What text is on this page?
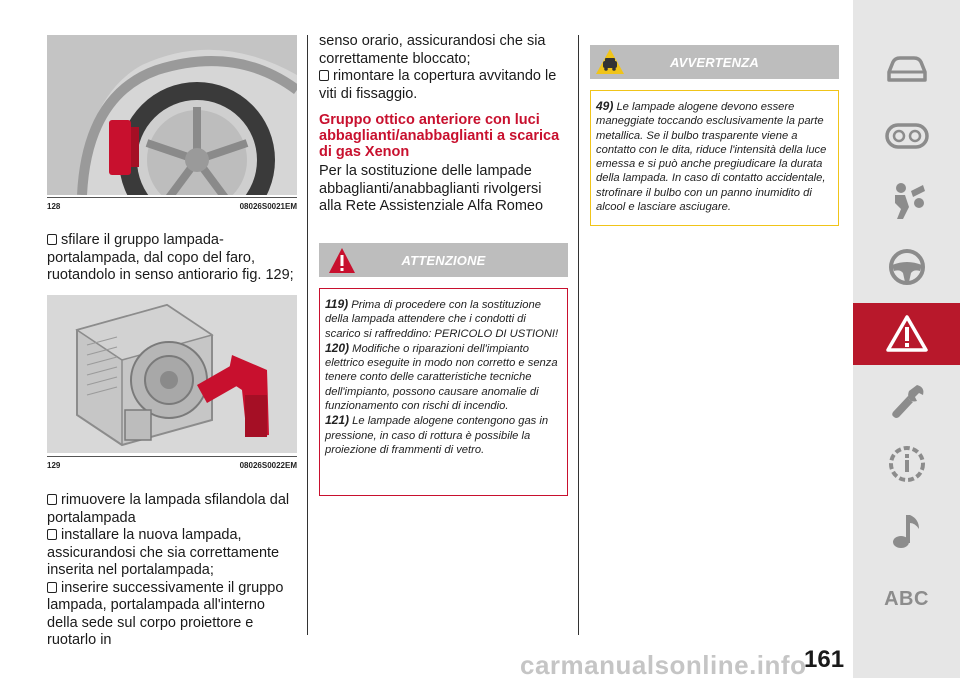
128	08026S0021EM

sfilare il gruppo lampada-portalampada, dal copo del faro, ruotandolo in senso antiorario fig. 129;

129	08026S0022EM

rimuovere la lampada sfilandola dal portalampada

installare la nuova lampada, assicurandosi che sia correttamente inserita nel portalampada;

inserire successivamente il gruppo lampada, portalampada all'interno della sede sul corpo proiettore e ruotarlo in

senso orario, assicurandosi che sia correttamente bloccato;

rimontare la copertura avvitando le viti di fissaggio.

Gruppo ottico anteriore con luci abbaglianti/anabbaglianti a scarica di gas Xenon
Per la sostituzione delle lampade abbaglianti/anabbaglianti rivolgersi alla Rete Assistenziale Alfa Romeo
ATTENZIONE
119) Prima di procedere con la sostituzione della lampada attendere che i condotti di scarico si raffreddino: PERICOLO DI USTIONI!
120) Modifiche o riparazioni dell'impianto elettrico eseguite in modo non corretto e senza tenere conto delle caratteristiche tecniche dell'impianto, possono causare anomalie di funzionamento con rischi di incendio.
121) Le lampade alogene contengono gas in pressione, in caso di rottura è possibile la proiezione di frammenti di vetro.
AVVERTENZA
49) Le lampade alogene devono essere maneggiate toccando esclusivamente la parte metallica. Se il bulbo trasparente viene a contatto con le dita, riduce l'intensità della luce emessa e si può anche pregiudicare la durata della lampada. In caso di contatto accidentale, strofinare il bulbo con un panno inumidito di alcool e lasciare asciugare.
ABC
carmanualsonline.info
161
